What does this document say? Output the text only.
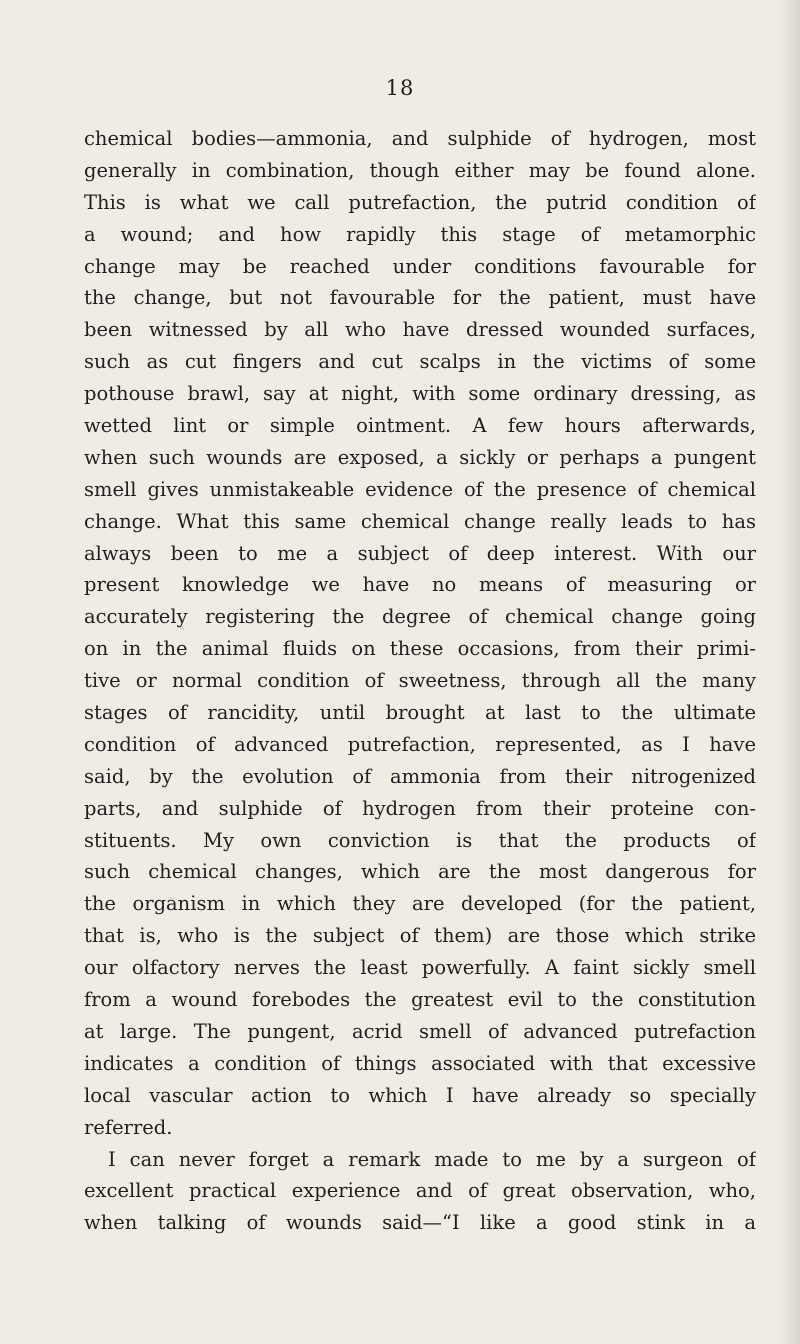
18
chemical bodies—ammonia, and sulphide of hydrogen, most
generally in combination, though either may be found alone.
This is what we call putrefaction, the putrid condition of
a wound; and how rapidly this stage of metamorphic
change may be reached under conditions favourable for
the change, but not favourable for the patient, must have
been witnessed by all who have dressed wounded surfaces,
such as cut fingers and cut scalps in the victims of some
pothouse brawl, say at night, with some ordinary dressing, as
wetted lint or simple ointment. A few hours afterwards,
when such wounds are exposed, a sickly or perhaps a pungent
smell gives unmistakeable evidence of the presence of chemical
change. What this same chemical change really leads to has
always been to me a subject of deep interest. With our
present knowledge we have no means of measuring or
accurately registering the degree of chemical change going
on in the animal fluids on these occasions, from their primi-
tive or normal condition of sweetness, through all the many
stages of rancidity, until brought at last to the ultimate
condition of advanced putrefaction, represented, as I have
said, by the evolution of ammonia from their nitrogenized
parts, and sulphide of hydrogen from their proteine con-
stituents. My own conviction is that the products of
such chemical changes, which are the most dangerous for
the organism in which they are developed (for the patient,
that is, who is the subject of them) are those which strike
our olfactory nerves the least powerfully. A faint sickly smell
from a wound forebodes the greatest evil to the constitution
at large. The pungent, acrid smell of advanced putrefaction
indicates a condition of things associated with that excessive
local vascular action to which I have already so specially
referred.
I can never forget a remark made to me by a surgeon of
excellent practical experience and of great observation, who,
when talking of wounds said—“I like a good stink in a
